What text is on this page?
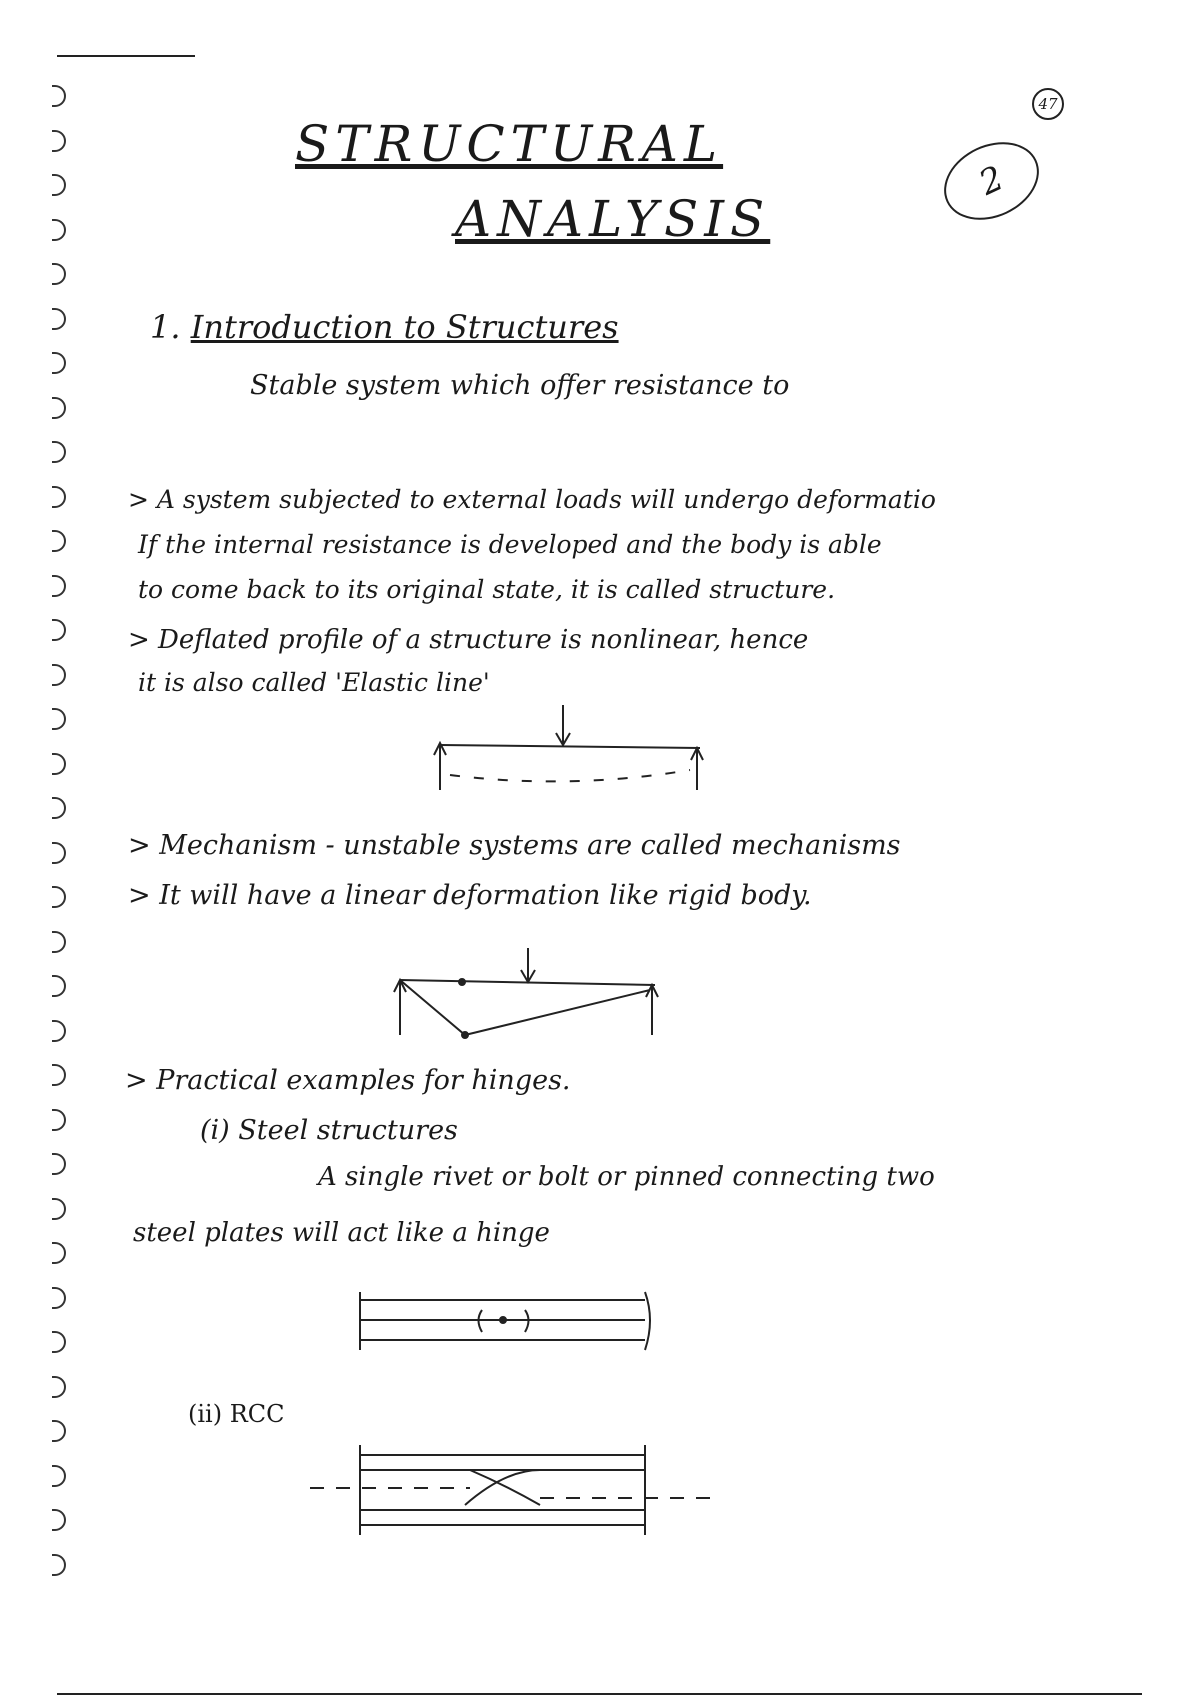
47
2
STRUCTURAL
ANALYSIS
1. Introduction to Structures
Stable system which offer resistance to
> A system subjected to external loads will undergo deformatio
If the internal resistance is developed and the body is able
to come back to its original state, it is called structure.
> Deflated profile of a structure is nonlinear, hence
it is also called 'Elastic line'
> Mechanism - unstable systems are called mechanisms
> It will have a linear deformation like rigid body.
> Practical examples for hinges.
(i) Steel structures
A single rivet or bolt or pinned connecting two
steel plates will act like a hinge
(ii) RCC
